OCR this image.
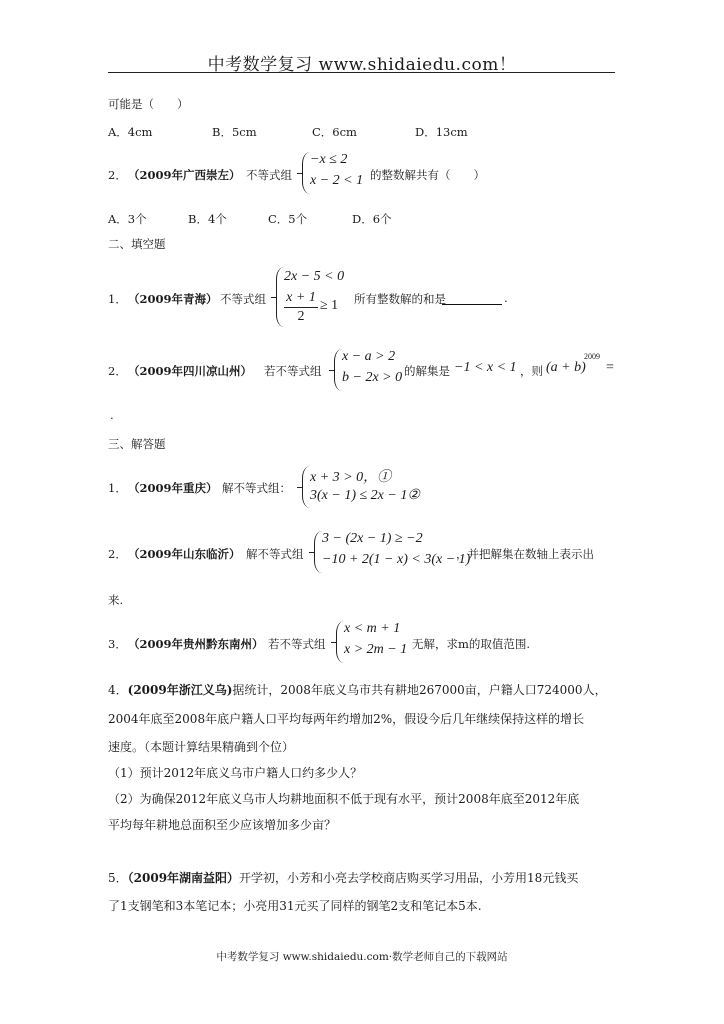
中考数学复习 www.shidaiedu.com！
可能是（　　）
A．4cm	B．5cm	C．6cm	D．13cm
2． （2009年广西崇左） 不等式组
−x ≤ 2
x − 2 < 1 的整数解共有（　　）
A．3个	B．4个	C．5个	D．6个
二、填空题
1． （2009年青海） 不等式组
2x − 5 < 0
x + 1
2
≥ 1 所有整数解的和是	.
2． （2009年四川凉山州） 若不等式组
x − a > 2
b − 2x > 0 的解集是 −1 < x < 1 ，则 (a + b)
2009
=
.
三、解答题
1． （2009年重庆） 解不等式组：
x + 3 > 0，①
3(x − 1) ≤ 2x − 1②
2． （2009年山东临沂） 解不等式组
3 − (2x − 1) ≥ −2
−10 + 2(1 − x) < 3(x − 1)
，并把解集在数轴上表示出
来.
3． （2009年贵州黔东南州） 若不等式组
x < m + 1
x > 2m − 1 无解，求m的取值范围.
4．(2009年浙江义乌)据统计，2008年底义乌市共有耕地267000亩，户籍人口724000人，
2004年底至2008年底户籍人口平均每两年约增加2%，假设今后几年继续保持这样的增长
速度。（本题计算结果精确到个位）
（1）预计2012年底义乌市户籍人口约多少人？
（2）为确保2012年底义乌市人均耕地面积不低于现有水平，预计2008年底至2012年底
平均每年耕地总面积至少应该增加多少亩？
5．（2009年湖南益阳）开学初，小芳和小亮去学校商店购买学习用品，小芳用18元钱买
了1支钢笔和3本笔记本；小亮用31元买了同样的钢笔2支和笔记本5本.
中考数学复习 www.shidaiedu.com·数学老师自己的下载网站
